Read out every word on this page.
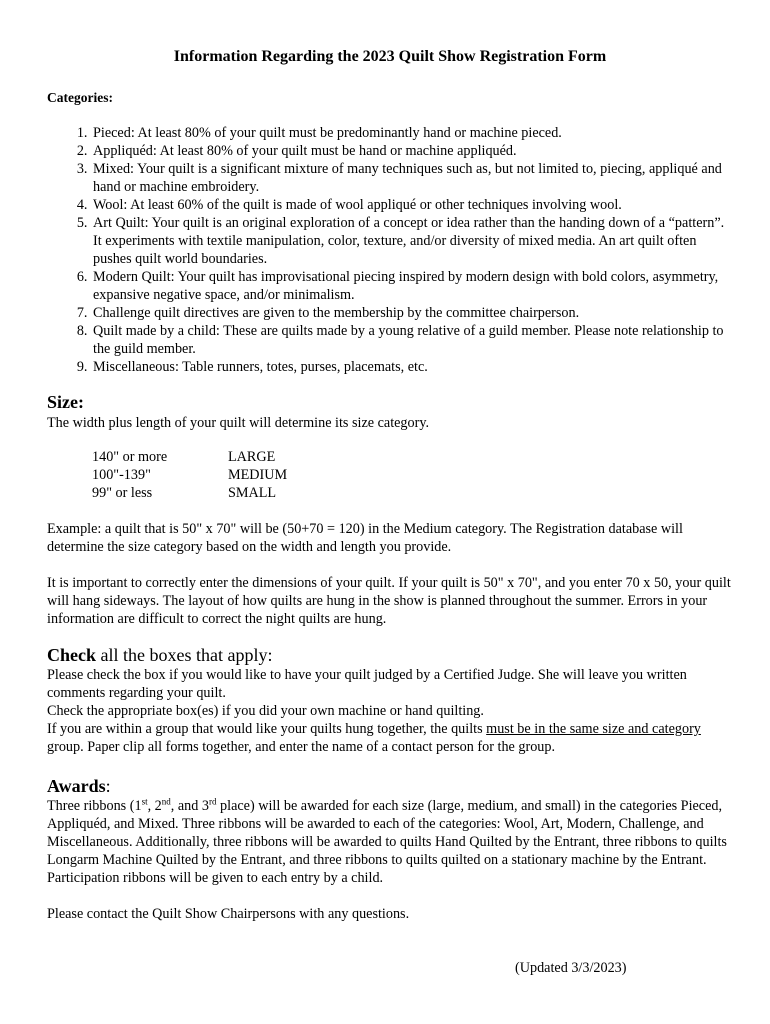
Information Regarding the 2023 Quilt Show Registration Form
Categories:
1. Pieced: At least 80% of your quilt must be predominantly hand or machine pieced.
2. Appliquéd: At least 80% of your quilt must be hand or machine appliquéd.
3. Mixed: Your quilt is a significant mixture of many techniques such as, but not limited to, piecing, appliqué and hand or machine embroidery.
4. Wool: At least 60% of the quilt is made of wool appliqué or other techniques involving wool.
5. Art Quilt: Your quilt is an original exploration of a concept or idea rather than the handing down of a “pattern”. It experiments with textile manipulation, color, texture, and/or diversity of mixed media. An art quilt often pushes quilt world boundaries.
6. Modern Quilt: Your quilt has improvisational piecing inspired by modern design with bold colors, asymmetry, expansive negative space, and/or minimalism.
7. Challenge quilt directives are given to the membership by the committee chairperson.
8. Quilt made by a child: These are quilts made by a young relative of a guild member. Please note relationship to the guild member.
9. Miscellaneous: Table runners, totes, purses, placemats, etc.
Size:
The width plus length of your quilt will determine its size category.
140" or more	LARGE
100"-139"	MEDIUM
99" or less	SMALL
Example: a quilt that is 50" x 70" will be (50+70 = 120) in the Medium category. The Registration database will determine the size category based on the width and length you provide.
It is important to correctly enter the dimensions of your quilt. If your quilt is 50" x 70", and you enter 70 x 50, your quilt will hang sideways. The layout of how quilts are hung in the show is planned throughout the summer. Errors in your information are difficult to correct the night quilts are hung.
Check all the boxes that apply:
Please check the box if you would like to have your quilt judged by a Certified Judge. She will leave you written comments regarding your quilt.
Check the appropriate box(es) if you did your own machine or hand quilting.
If you are within a group that would like your quilts hung together, the quilts must be in the same size and category group. Paper clip all forms together, and enter the name of a contact person for the group.
Awards:
Three ribbons (1st, 2nd, and 3rd place) will be awarded for each size (large, medium, and small) in the categories Pieced, Appliquéd, and Mixed. Three ribbons will be awarded to each of the categories: Wool, Art, Modern, Challenge, and Miscellaneous. Additionally, three ribbons will be awarded to quilts Hand Quilted by the Entrant, three ribbons to quilts Longarm Machine Quilted by the Entrant, and three ribbons to quilts quilted on a stationary machine by the Entrant. Participation ribbons will be given to each entry by a child.
Please contact the Quilt Show Chairpersons with any questions.
(Updated 3/3/2023)
